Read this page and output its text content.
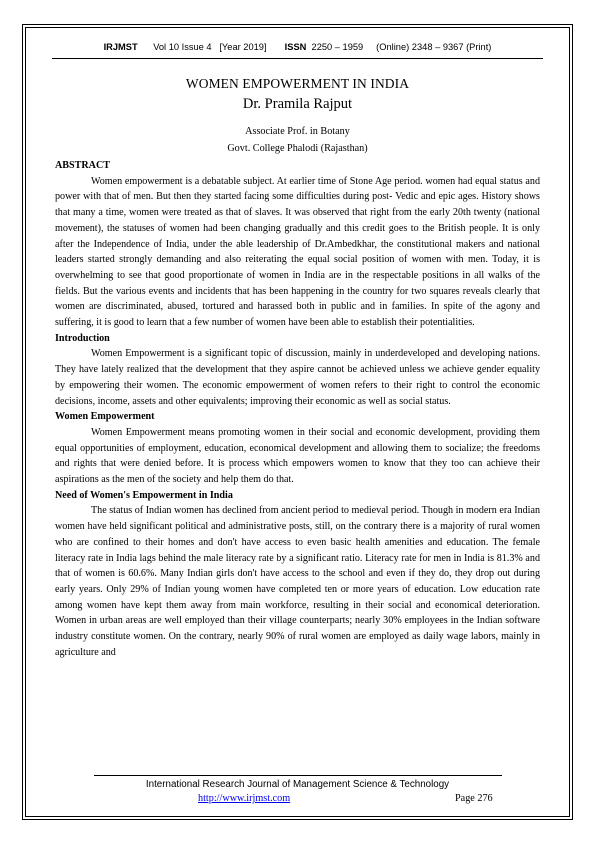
IRJMST Vol 10 Issue 4 [Year 2019] ISSN 2250 – 1959 (Online) 2348 – 9367 (Print)
WOMEN EMPOWERMENT IN INDIA
Dr. Pramila Rajput
Associate Prof. in Botany
Govt. College Phalodi (Rajasthan)
ABSTRACT

Women empowerment is a debatable subject. At earlier time of Stone Age period. women had equal status and power with that of men. But then they started facing some difficulties during post- Vedic and epic ages. History shows that many a time, women were treated as that of slaves. It was observed that right from the early 20th twenty (national movement), the statuses of women had been changing gradually and this credit goes to the British people. It is only after the Independence of India, under the able leadership of Dr.Ambedkhar, the constitutional makers and national leaders started strongly demanding and also reiterating the equal social position of women with men. Today, it is overwhelming to see that good proportionate of women in India are in the respectable positions in all walks of the fields. But the various events and incidents that has been happening in the country for two squares reveals clearly that women are discriminated, abused, tortured and harassed both in public and in families. In spite of the agony and suffering, it is good to learn that a few number of women have been able to establish their potentialities.

Introduction

Women Empowerment is a significant topic of discussion, mainly in underdeveloped and developing nations. They have lately realized that the development that they aspire cannot be achieved unless we achieve gender equality by empowering their women. The economic empowerment of women refers to their right to control the economic decisions, income, assets and other equivalents; improving their economic as well as social status.

Women Empowerment

Women Empowerment means promoting women in their social and economic development, providing them equal opportunities of employment, education, economical development and allowing them to socialize; the freedoms and rights that were denied before. It is process which empowers women to know that they too can achieve their aspirations as the men of the society and help them do that.

Need of Women's Empowerment in India

The status of Indian women has declined from ancient period to medieval period. Though in modern era Indian women have held significant political and administrative posts, still, on the contrary there is a majority of rural women who are confined to their homes and don't have access to even basic health amenities and education. The female literacy rate in India lags behind the male literacy rate by a significant ratio. Literacy rate for men in India is 81.3% and that of women is 60.6%. Many Indian girls don't have access to the school and even if they do, they drop out during early years. Only 29% of Indian young women have completed ten or more years of education. Low education rate among women have kept them away from main workforce, resulting in their social and economical deterioration. Women in urban areas are well employed than their village counterparts; nearly 30% employees in the Indian software industry constitute women. On the contrary, nearly 90% of rural women are employed as daily wage labors, mainly in agriculture and

International Research Journal of Management Science & Technology
http://www.irjmst.com	Page 276
